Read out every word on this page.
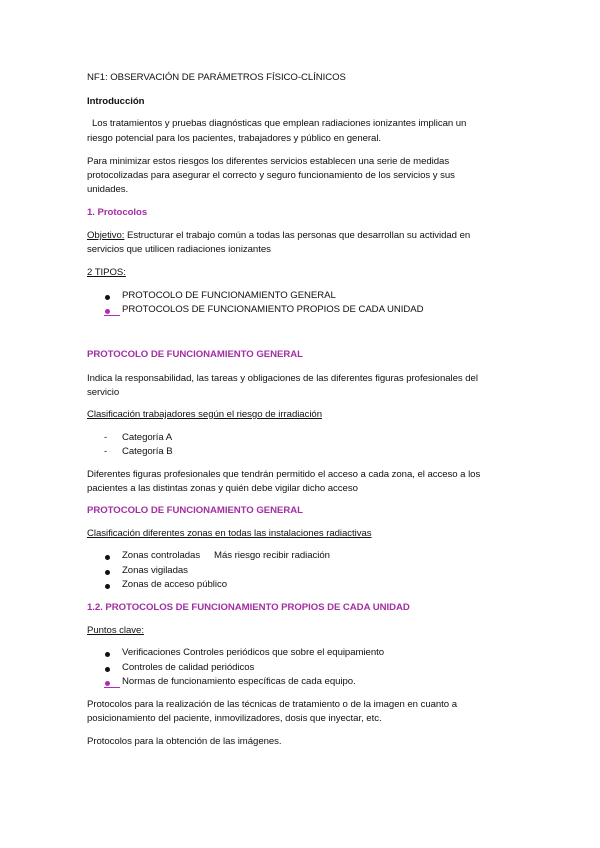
NF1: OBSERVACIÓN DE PARÁMETROS FÍSICO-CLÍNICOS
Introducción
Los tratamientos y pruebas diagnósticas que emplean radiaciones ionizantes implican un
riesgo potencial para los pacientes, trabajadores y público en general.
Para minimizar estos riesgos los diferentes servicios establecen una serie de medidas
protocolizadas para asegurar el correcto y seguro funcionamiento de los servicios y sus
unidades.
1. Protocolos
Objetivo: Estructurar el trabajo común a todas las personas que desarrollan su actividad en
servicios que utilicen radiaciones ionizantes
2 TIPOS:
PROTOCOLO DE FUNCIONAMIENTO GENERAL
PROTOCOLOS DE FUNCIONAMIENTO PROPIOS DE CADA UNIDAD
PROTOCOLO DE FUNCIONAMIENTO GENERAL
Indica la responsabilidad, las tareas y obligaciones de las diferentes figuras profesionales del
servicio
Clasificación trabajadores según el riesgo de irradiación
- Categoría A
- Categoría B
Diferentes figuras profesionales que tendrán permitido el acceso a cada zona, el acceso a los
pacientes a las distintas zonas y quién debe vigilar dicho acceso
PROTOCOLO DE FUNCIONAMIENTO GENERAL
Clasificación diferentes zonas en todas las instalaciones radiactivas
Zonas controladas Más riesgo recibir radiación
Zonas vigiladas
Zonas de acceso público
1.2. PROTOCOLOS DE FUNCIONAMIENTO PROPIOS DE CADA UNIDAD
Puntos clave:
Verificaciones Controles periódicos que sobre el equipamiento
Controles de calidad periódicos
Normas de funcionamiento específicas de cada equipo.
Protocolos para la realización de las técnicas de tratamiento o de la imagen en cuanto a
posicionamiento del paciente, inmovilizadores, dosis que inyectar, etc.
Protocolos para la obtención de las imágenes.
